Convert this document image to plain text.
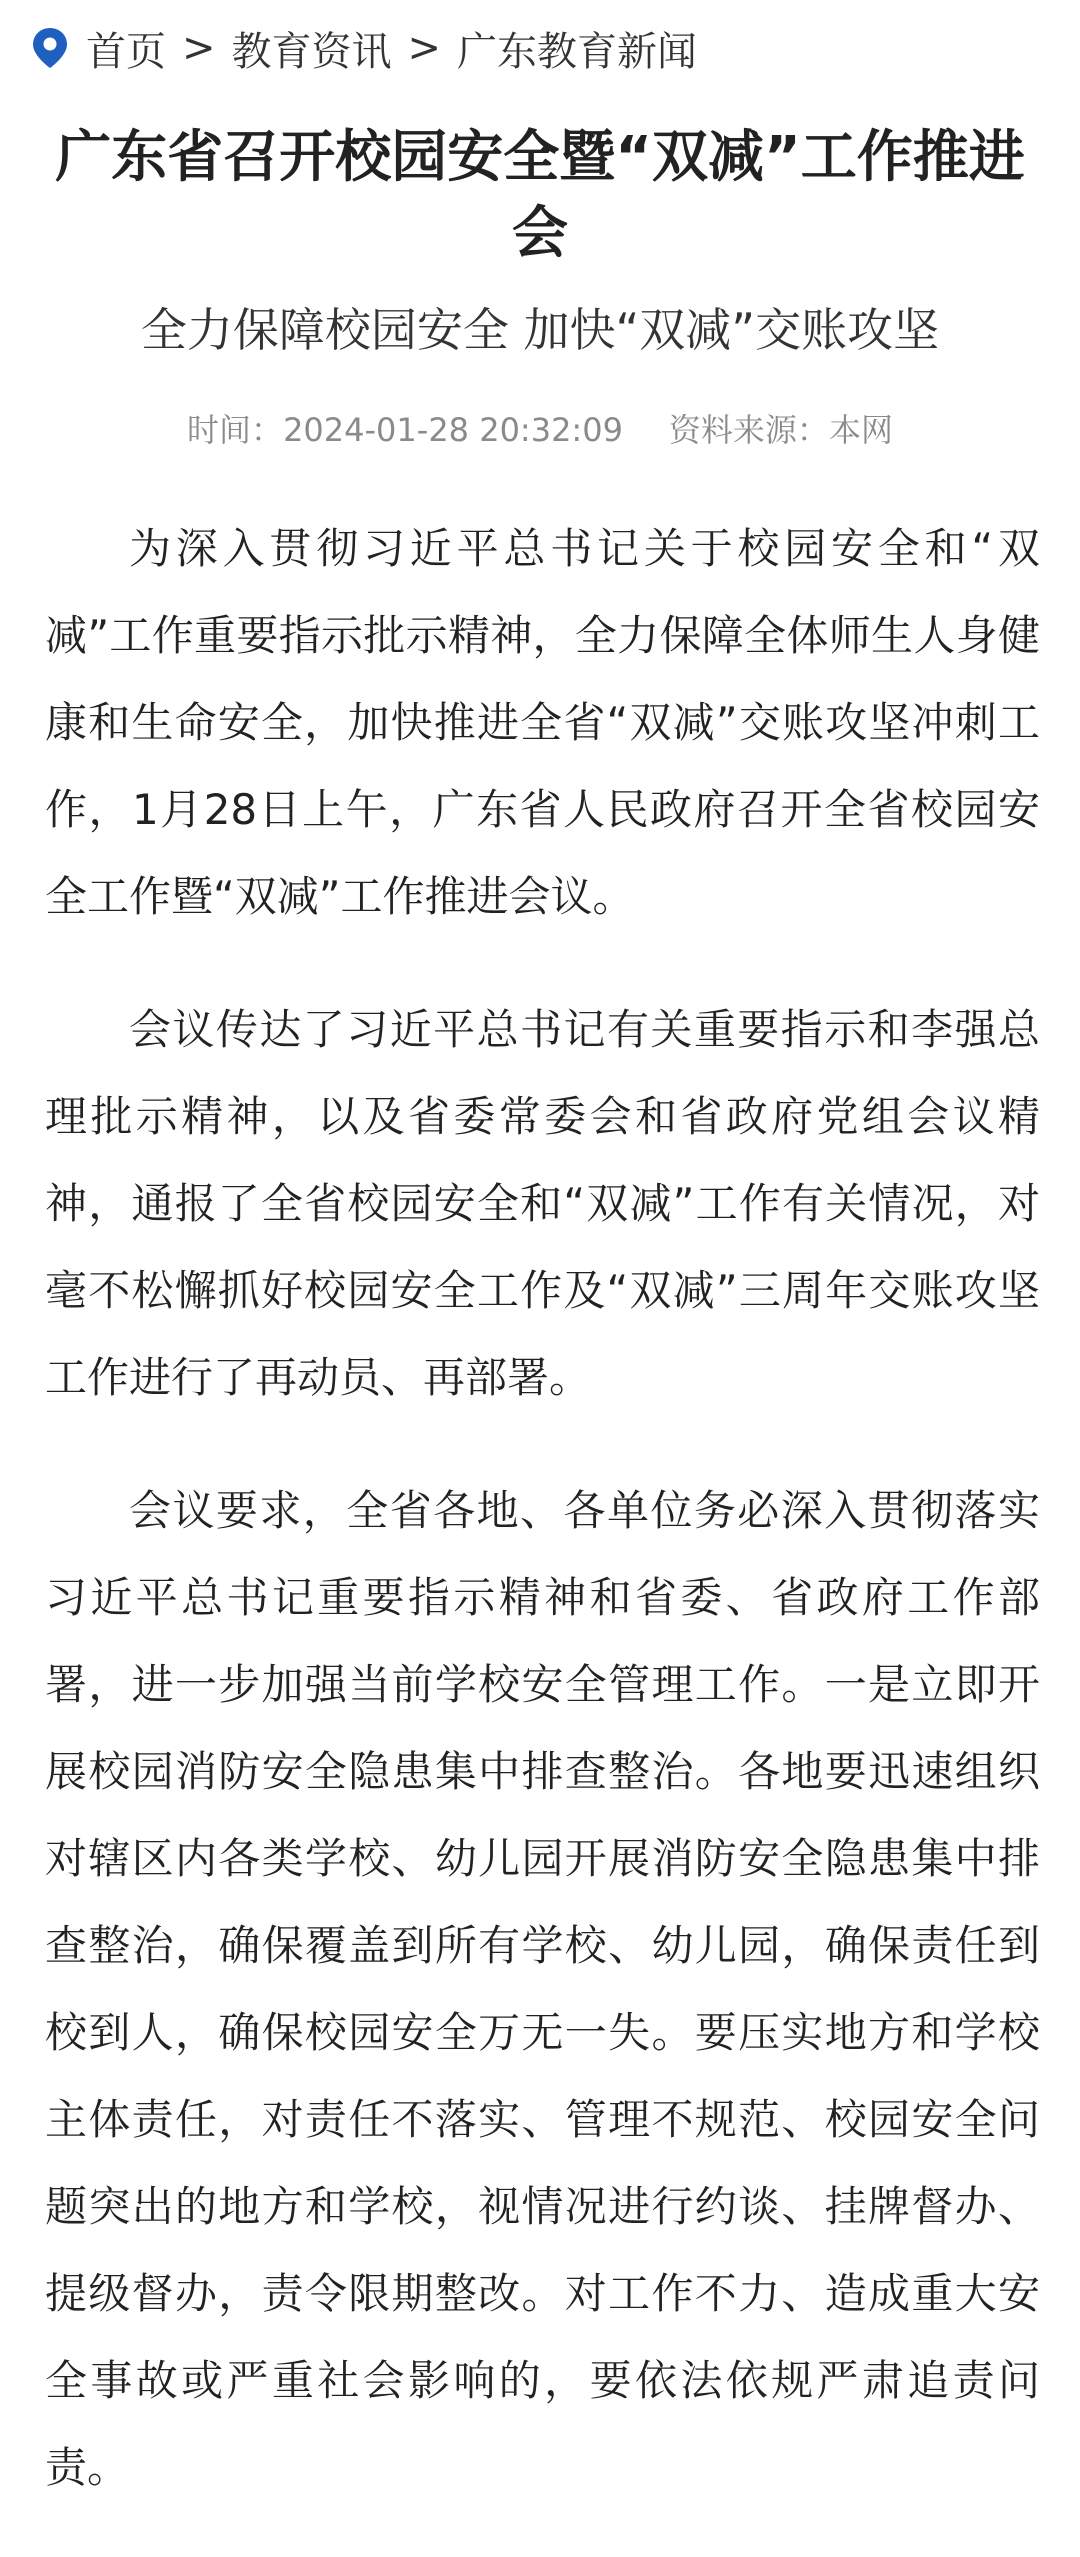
首页 > 教育资讯 > 广东教育新闻
广东省召开校园安全暨“双减”工作推进会
全力保障校园安全 加快“双减”交账攻坚
时间：2024-01-28 20:32:09 资料来源：本网

为深入贯彻习近平总书记关于校园安全和“双减”工作重要指示批示精神，全力保障全体师生人身健康和生命安全，加快推进全省“双减”交账攻坚冲刺工作，1月28日上午，广东省人民政府召开全省校园安全工作暨“双减”工作推进会议。

会议传达了习近平总书记有关重要指示和李强总理批示精神，以及省委常委会和省政府党组会议精神，通报了全省校园安全和“双减”工作有关情况，对毫不松懈抓好校园安全工作及“双减”三周年交账攻坚工作进行了再动员、再部署。

会议要求，全省各地、各单位务必深入贯彻落实习近平总书记重要指示精神和省委、省政府工作部署，进一步加强当前学校安全管理工作。一是立即开展校园消防安全隐患集中排查整治。各地要迅速组织对辖区内各类学校、幼儿园开展消防安全隐患集中排查整治，确保覆盖到所有学校、幼儿园，确保责任到校到人，确保校园安全万无一失。要压实地方和学校主体责任，对责任不落实、管理不规范、校园安全问题突出的地方和学校，视情况进行约谈、挂牌督办、提级督办，责令限期整改。对工作不力、造成重大安全事故或严重社会影响的，要依法依规严肃追责问责。
